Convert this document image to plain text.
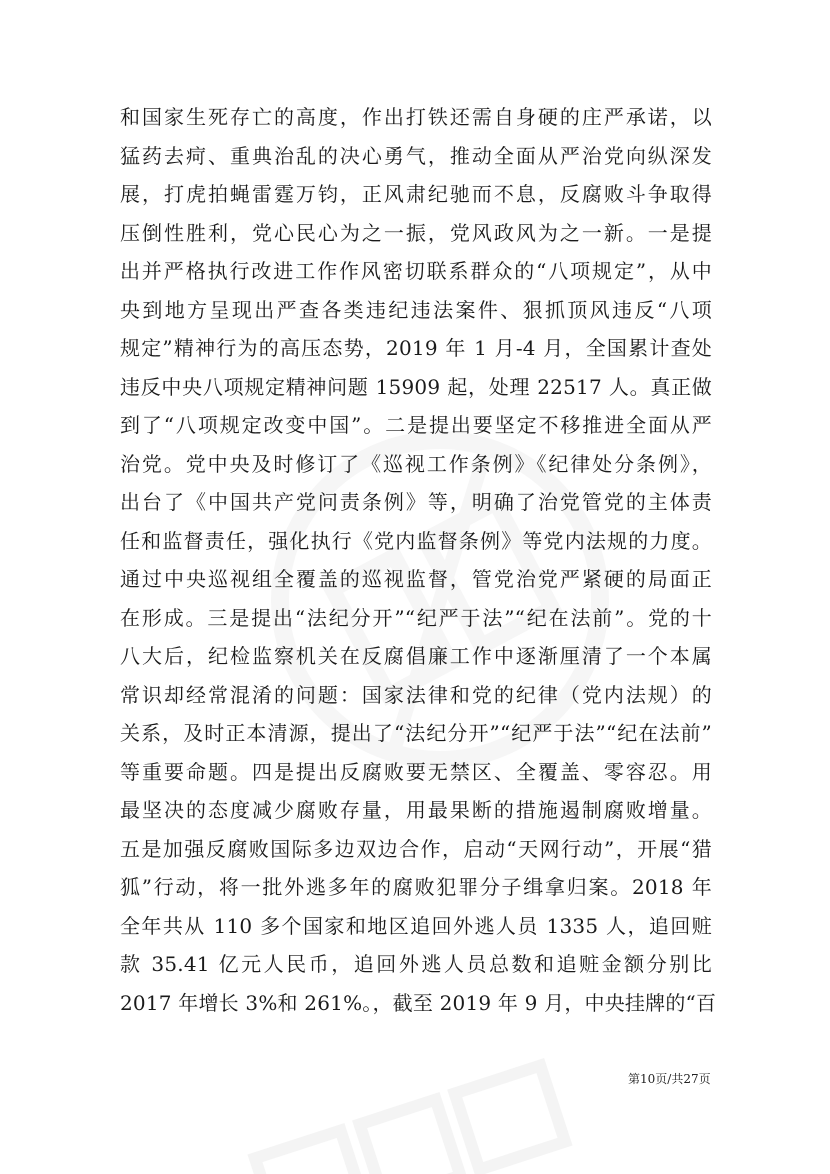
和国家生死存亡的高度，作出打铁还需自身硬的庄严承诺，以
猛药去疴、重典治乱的决心勇气，推动全面从严治党向纵深发
展，打虎拍蝇雷霆万钧，正风肃纪驰而不息，反腐败斗争取得
压倒性胜利，党心民心为之一振，党风政风为之一新。一是提
出并严格执行改进工作作风密切联系群众的“八项规定”，从中
央到地方呈现出严查各类违纪违法案件、狠抓顶风违反“八项
规定”精神行为的高压态势，2019 年 1 月-4 月，全国累计查处
违反中央八项规定精神问题 15909 起，处理 22517 人。真正做
到了“八项规定改变中国”。二是提出要坚定不移推进全面从严
治党。党中央及时修订了《巡视工作条例》《纪律处分条例》，
出台了《中国共产党问责条例》等，明确了治党管党的主体责
任和监督责任，强化执行《党内监督条例》等党内法规的力度。
通过中央巡视组全覆盖的巡视监督，管党治党严紧硬的局面正
在形成。三是提出“法纪分开”“纪严于法”“纪在法前”。党的十
八大后，纪检监察机关在反腐倡廉工作中逐渐厘清了一个本属
常识却经常混淆的问题：国家法律和党的纪律（党内法规）的
关系，及时正本清源，提出了“法纪分开”“纪严于法”“纪在法前”
等重要命题。四是提出反腐败要无禁区、全覆盖、零容忍。用
最坚决的态度减少腐败存量，用最果断的措施遏制腐败增量。
五是加强反腐败国际多边双边合作，启动“天网行动”，开展“猎
狐”行动，将一批外逃多年的腐败犯罪分子缉拿归案。2018 年
全年共从 110 多个国家和地区追回外逃人员 1335 人，追回赃
款 35.41 亿元人民币，追回外逃人员总数和追赃金额分别比
2017 年增长 3%和 261%。，截至 2019 年 9 月，中央挂牌的“百
第10页/共27页
